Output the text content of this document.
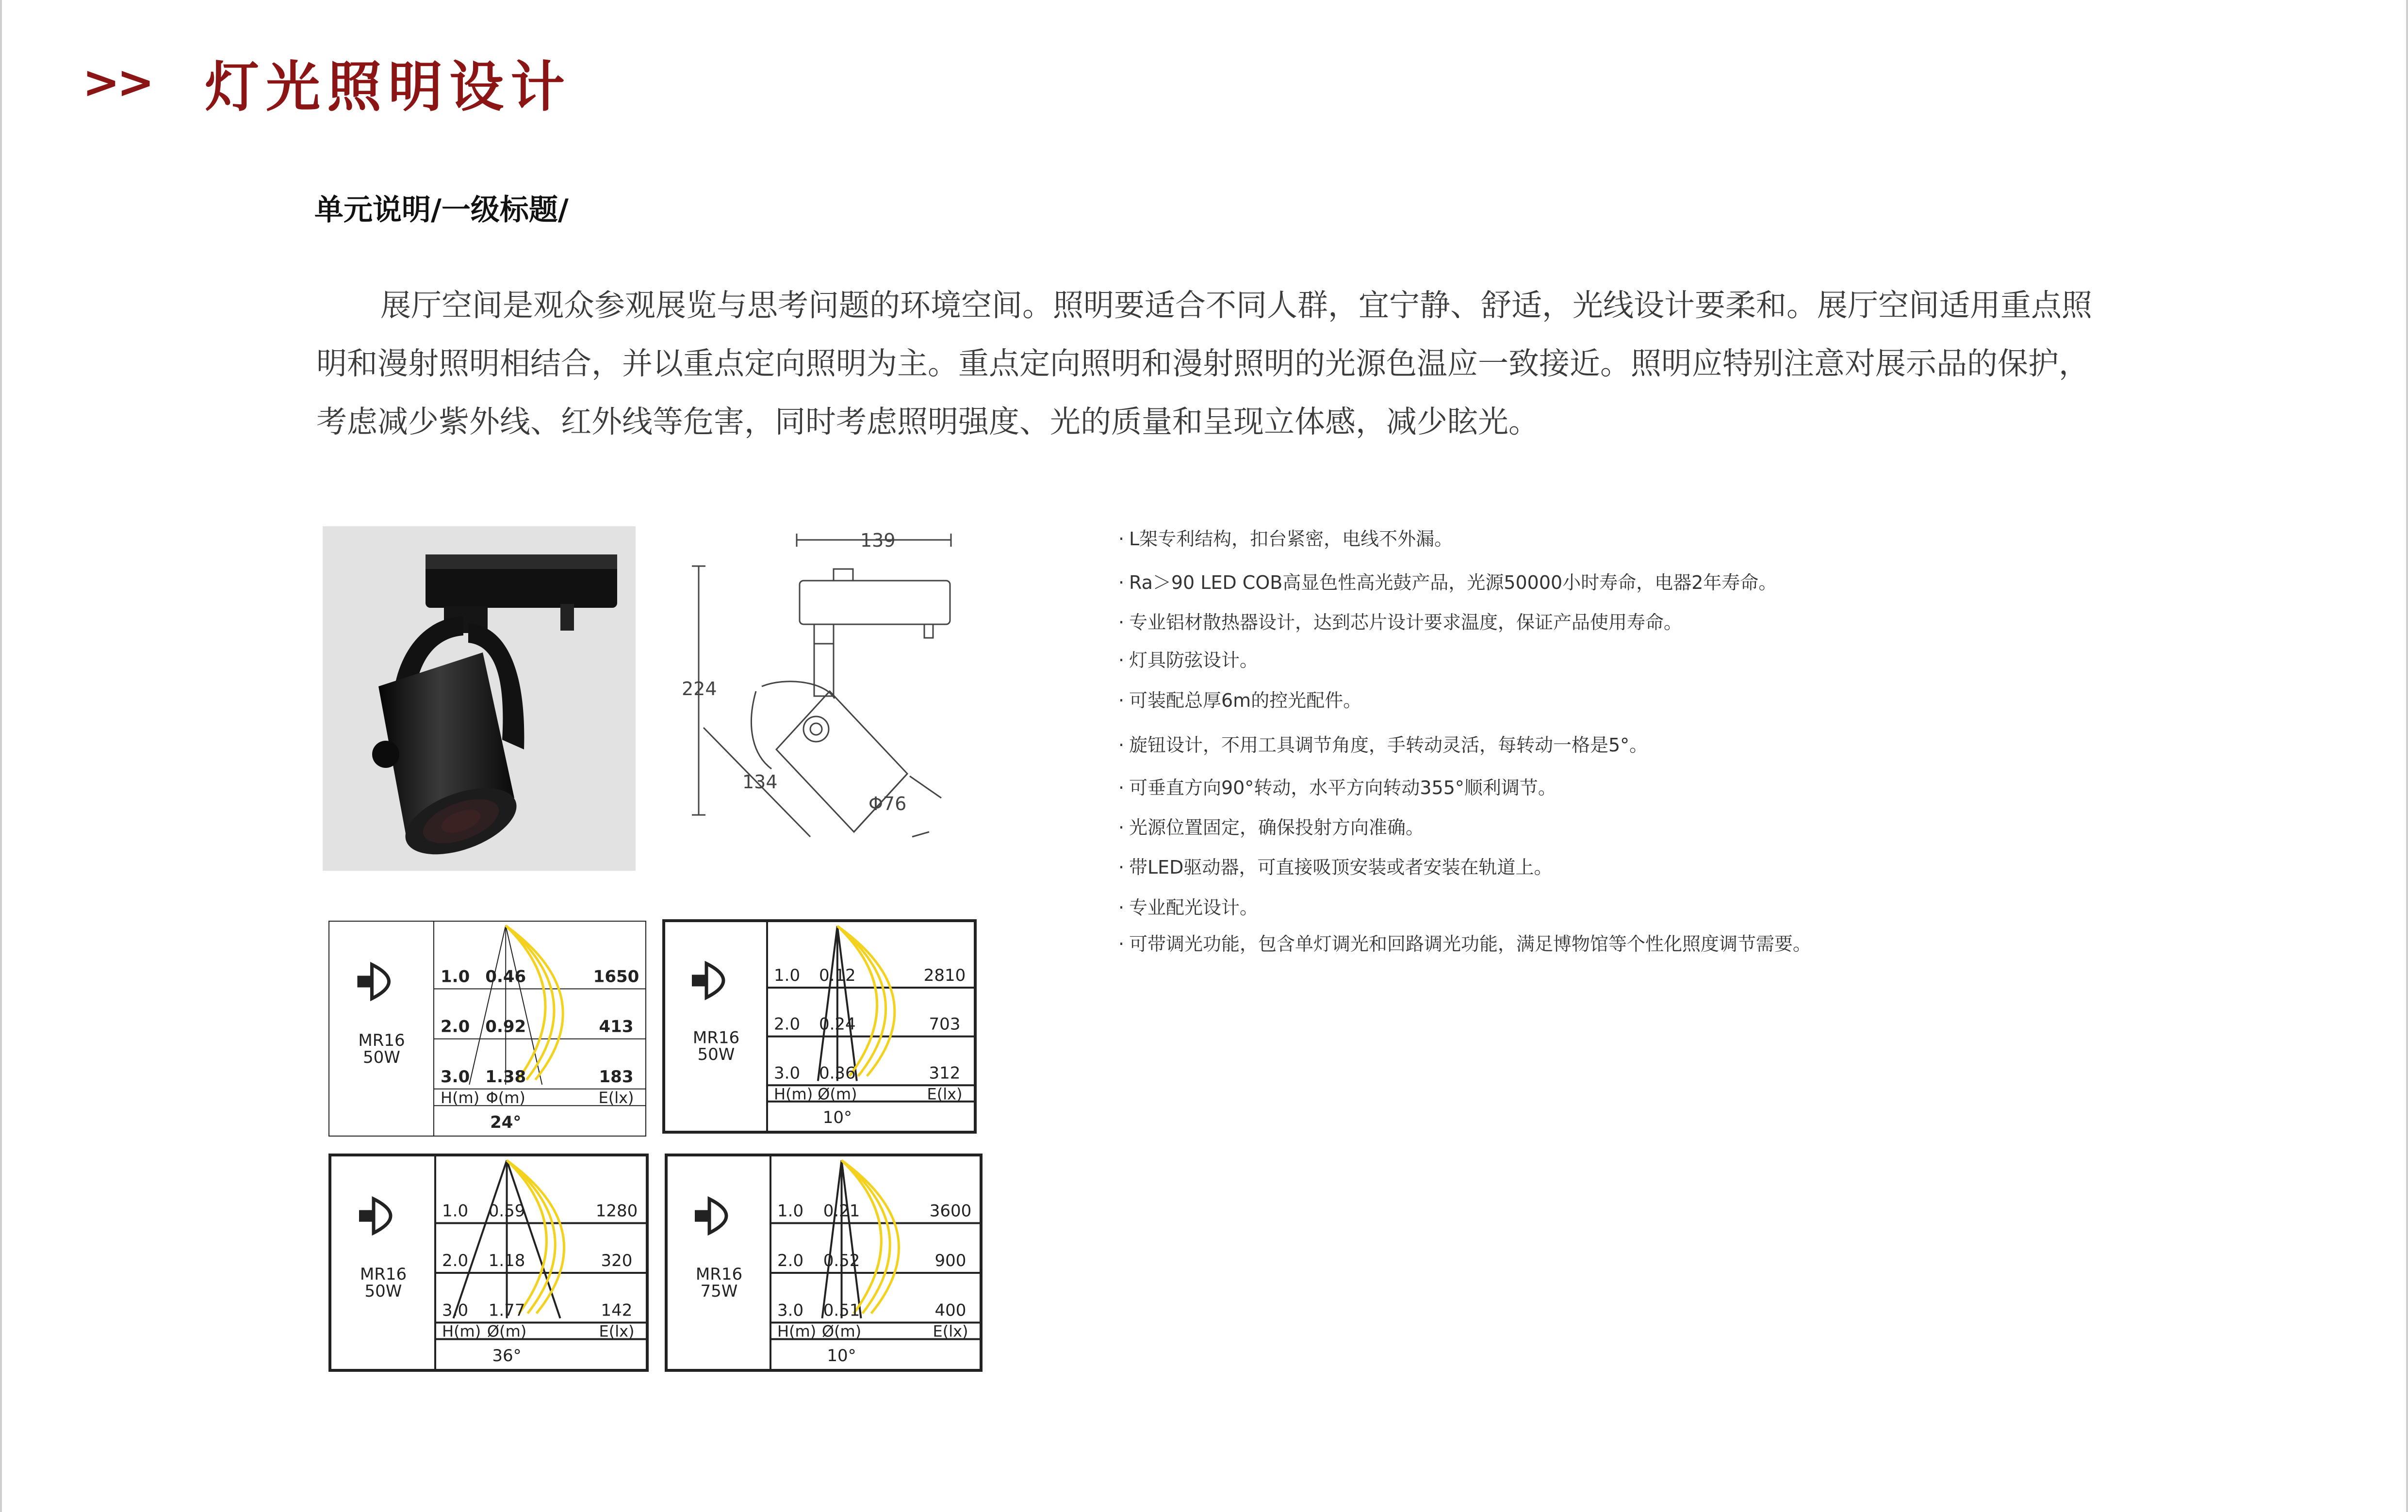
>> 灯光照明设计
单元说明/一级标题/

展厅空间是观众参观展览与思考问题的环境空间。照明要适合不同人群，宜宁静、舒适，光线设计要柔和。展厅空间适用重点照明和漫射照明相结合，并以重点定向照明为主。重点定向照明和漫射照明的光源色温应一致接近。照明应特别注意对展示品的保护，考虑减少紫外线、红外线等危害，同时考虑照明强度、光的质量和呈现立体感，减少眩光。

139
224
134
Φ76
MR16
50W
1.0 0.46	1650
2.0 0.92	413
3.0 1.38	183
H(m) Φ(m)	E(lx)
24°
MR16
50W
1.0 0.12	2810
2.0 0.24	703
3.0 0.36	312
H(m) Ø(m)	E(lx)
10°
MR16
50W
1.0 0.59	1280
2.0 1.18	320
3.0 1.77	142
H(m) Ø(m)	E(lx)
36°
MR16
75W
1.0 0.21	3600
2.0 0.52	900
3.0 0.51	400
H(m) Ø(m)	E(lx)
10°
· L架专利结构，扣台紧密，电线不外漏。
· Ra＞90 LED COB高显色性高光鼓产品，光源50000小时寿命，电器2年寿命。
· 专业铝材散热器设计，达到芯片设计要求温度，保证产品使用寿命。
· 灯具防弦设计。
· 可装配总厚6m的控光配件。
· 旋钮设计，不用工具调节角度，手转动灵活，每转动一格是5°。
· 可垂直方向90°转动，水平方向转动355°顺利调节。
· 光源位置固定，确保投射方向准确。
· 带LED驱动器，可直接吸顶安装或者安装在轨道上。
· 专业配光设计。
· 可带调光功能，包含单灯调光和回路调光功能，满足博物馆等个性化照度调节需要。
